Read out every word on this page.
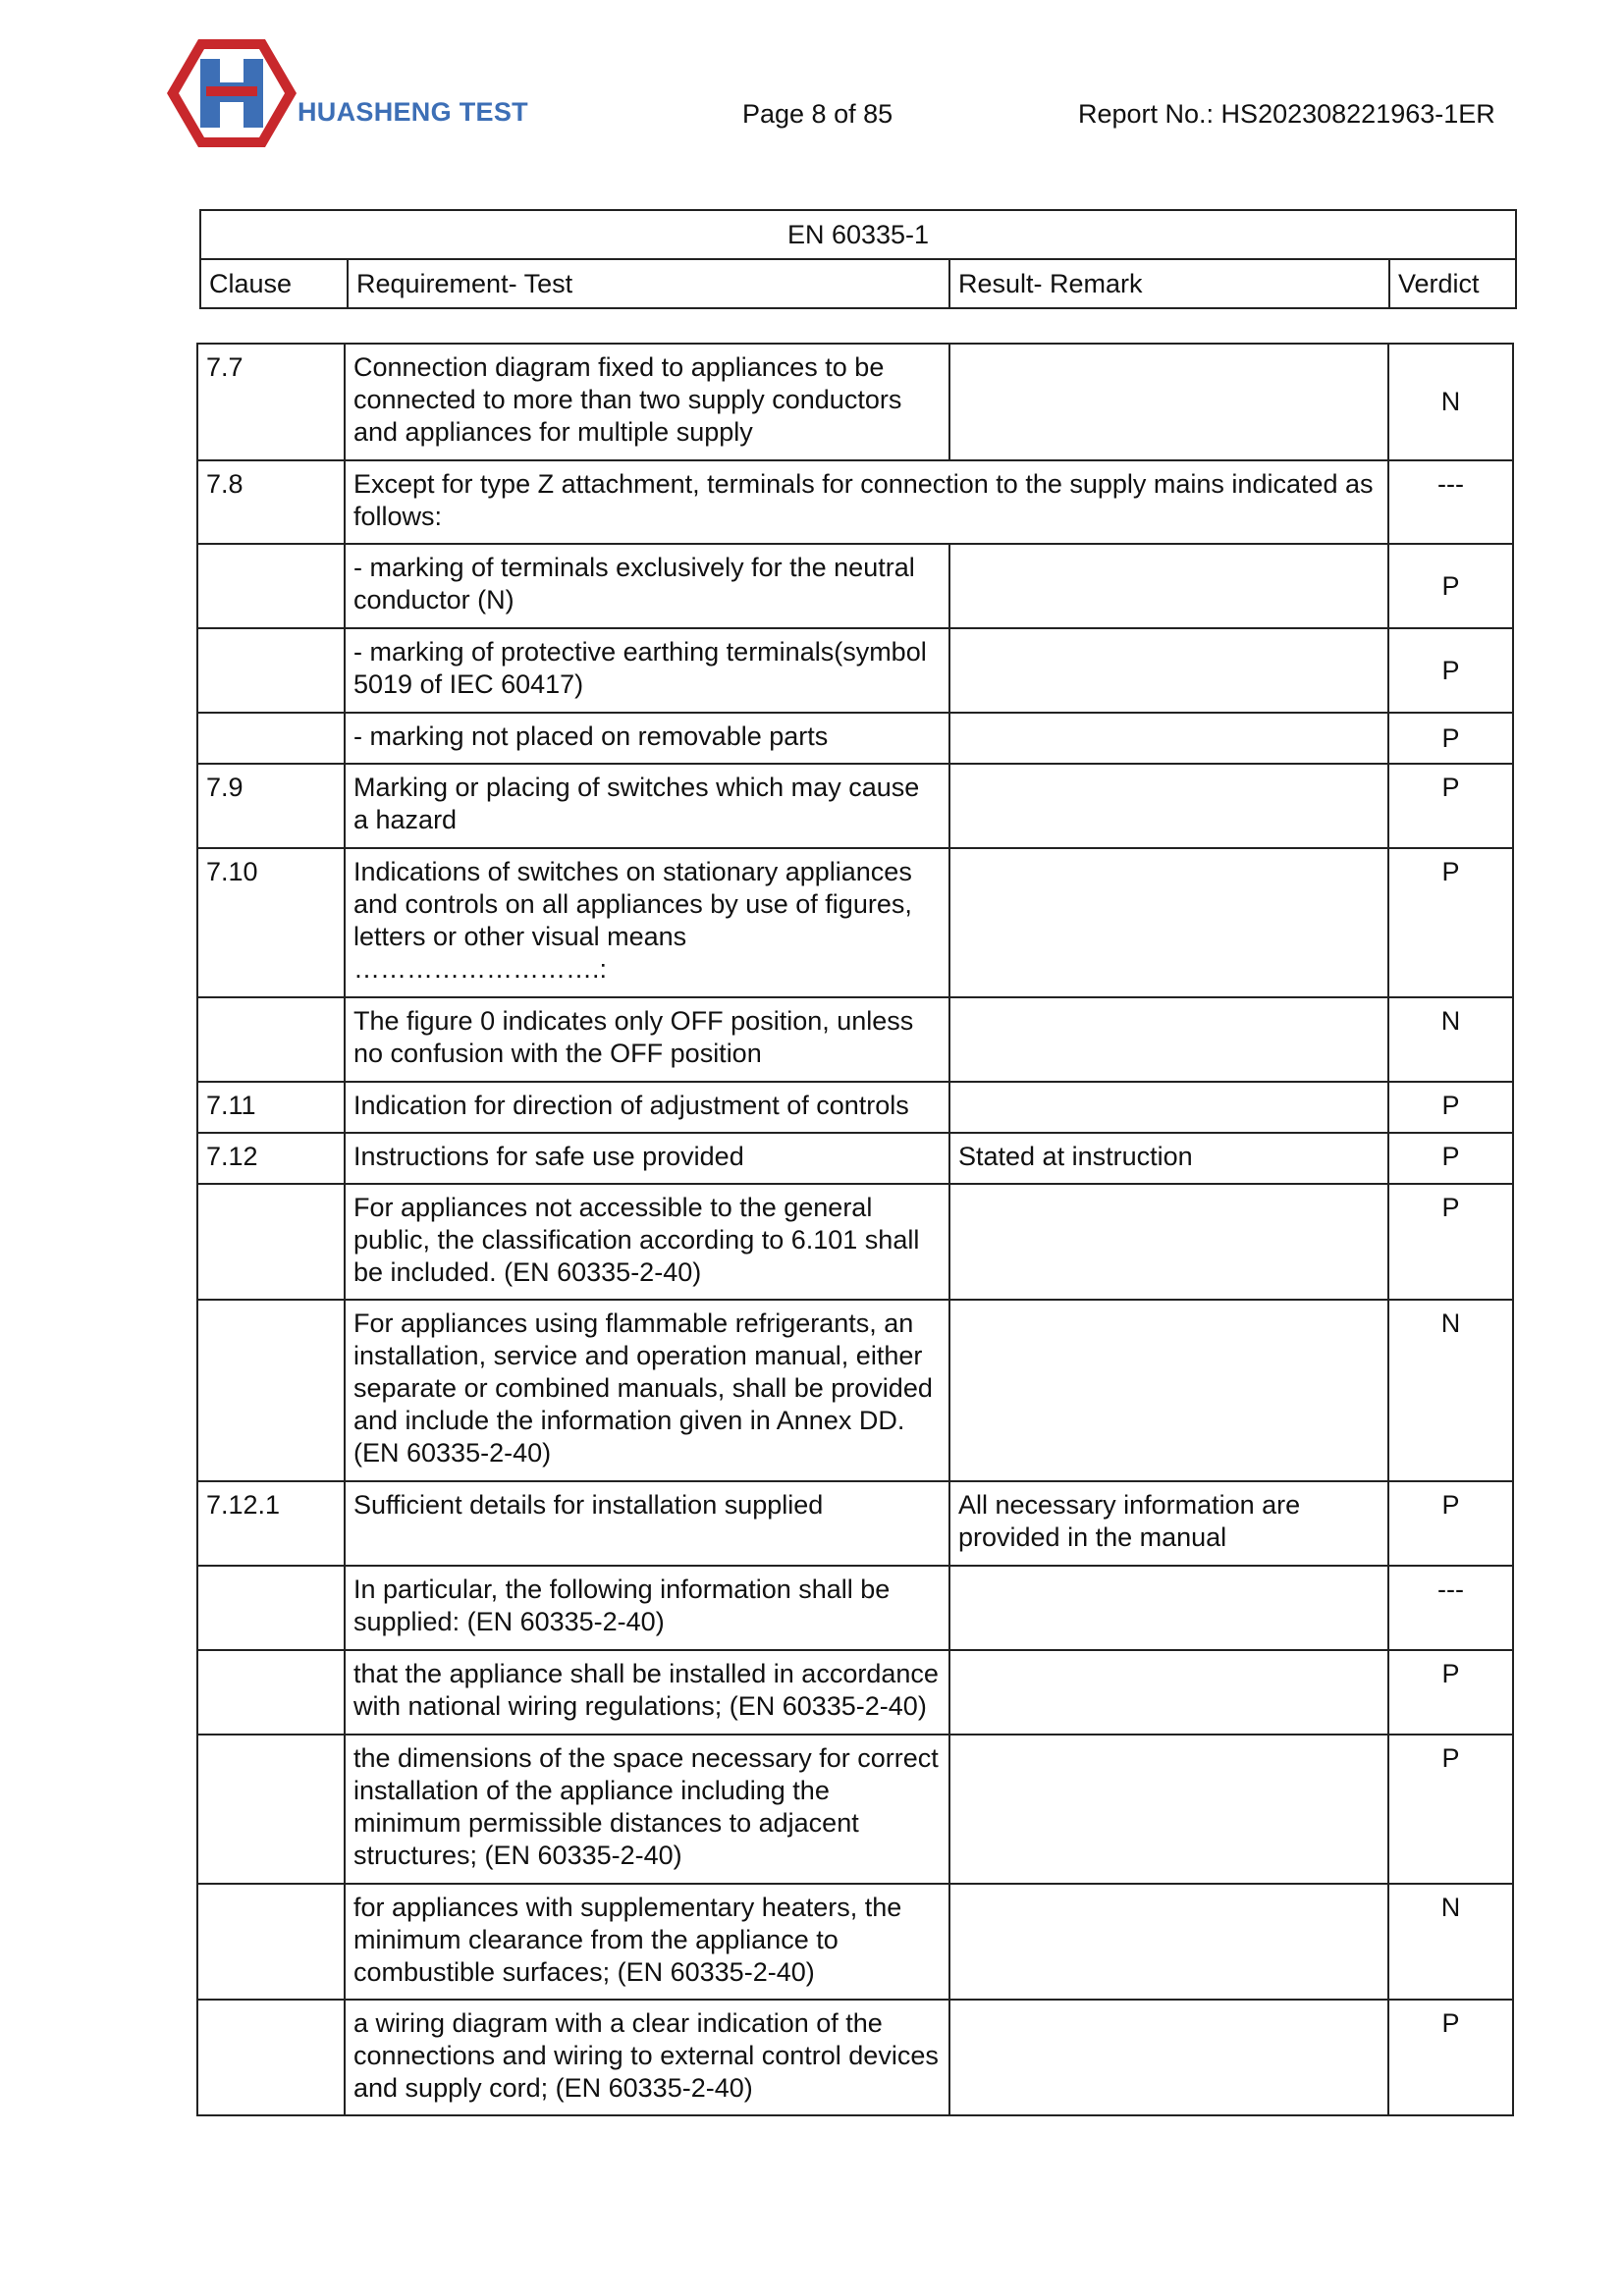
HUASHENG TEST	Page 8 of 85	Report No.: HS202308221963-1ER
EN 60335-1
Clause	Requirement- Test	Result- Remark	Verdict
7.7	Connection diagram fixed to appliances to be connected to more than two supply conductors and appliances for multiple supply		N
7.8	Except for type Z attachment, terminals for connection to the supply mains indicated as follows:		---
	- marking of terminals exclusively for the neutral conductor (N)		P
	- marking of protective earthing terminals(symbol 5019 of IEC 60417)		P
	- marking not placed on removable parts		P
7.9	Marking or placing of switches which may cause a hazard		P
7.10	Indications of switches on stationary appliances and controls on all appliances by use of figures, letters or other visual means ……………………….:		P
	The figure 0 indicates only OFF position, unless no confusion with the OFF position		N
7.11	Indication for direction of adjustment of controls		P
7.12	Instructions for safe use provided	Stated at instruction	P
	For appliances not accessible to the general public, the classification according to 6.101 shall be included. (EN 60335-2-40)		P
	For appliances using flammable refrigerants, an installation, service and operation manual, either separate or combined manuals, shall be provided and include the information given in Annex DD. (EN 60335-2-40)		N
7.12.1	Sufficient details for installation supplied	All necessary information are provided in the manual	P
	In particular, the following information shall be supplied: (EN 60335-2-40)		---
	that the appliance shall be installed in accordance with national wiring regulations; (EN 60335-2-40)		P
	the dimensions of the space necessary for correct installation of the appliance including the minimum permissible distances to adjacent structures; (EN 60335-2-40)		P
	for appliances with supplementary heaters, the minimum clearance from the appliance to combustible surfaces; (EN 60335-2-40)		N
	a wiring diagram with a clear indication of the connections and wiring to external control devices and supply cord; (EN 60335-2-40)		P
